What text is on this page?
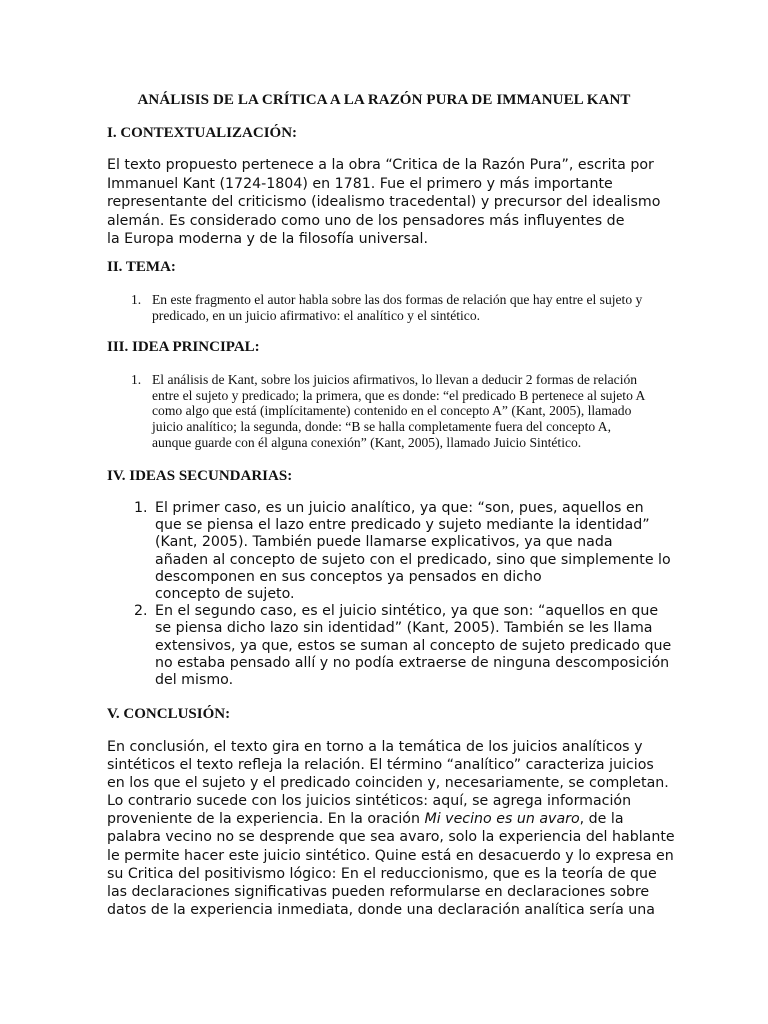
ANÁLISIS DE LA CRÍTICA A LA RAZÓN PURA DE IMMANUEL KANT
I. CONTEXTUALIZACIÓN:
El texto propuesto pertenece a la obra “Critica de la Razón Pura”, escrita por
Immanuel Kant (1724-1804) en 1781. Fue el primero y más importante
representante del criticismo (idealismo tracedental) y precursor del idealismo
alemán. Es considerado como uno de los pensadores más influyentes de
la Europa moderna y de la filosofía universal.
II. TEMA:
1. En este fragmento el autor habla sobre las dos formas de relación que hay entre el sujeto y
predicado, en un juicio afirmativo: el analítico y el sintético.
III. IDEA PRINCIPAL:
1. El análisis de Kant, sobre los juicios afirmativos, lo llevan a deducir 2 formas de relación
entre el sujeto y predicado; la primera, que es donde: “el predicado B pertenece al sujeto A
como algo que está (implícitamente) contenido en el concepto A” (Kant, 2005), llamado
juicio analítico; la segunda, donde: “B se halla completamente fuera del concepto A,
aunque guarde con él alguna conexión” (Kant, 2005), llamado Juicio Sintético.
IV. IDEAS SECUNDARIAS:
1. El primer caso, es un juicio analítico, ya que: “son, pues, aquellos en
que se piensa el lazo entre predicado y sujeto mediante la identidad”
(Kant, 2005). También puede llamarse explicativos, ya que nada
añaden al concepto de sujeto con el predicado, sino que simplemente lo
descomponen en sus conceptos ya pensados en dicho
concepto de sujeto.
2. En el segundo caso, es el juicio sintético, ya que son: “aquellos en que
se piensa dicho lazo sin identidad” (Kant, 2005). También se les llama
extensivos, ya que, estos se suman al concepto de sujeto predicado que
no estaba pensado allí y no podía extraerse de ninguna descomposición
del mismo.
V. CONCLUSIÓN:
En conclusión, el texto gira en torno a la temática de los juicios analíticos y
sintéticos el texto refleja la relación. El término “analítico” caracteriza juicios
en los que el sujeto y el predicado coinciden y, necesariamente, se completan.
Lo contrario sucede con los juicios sintéticos: aquí, se agrega información
proveniente de la experiencia. En la oración Mi vecino es un avaro, de la
palabra vecino no se desprende que sea avaro, solo la experiencia del hablante
le permite hacer este juicio sintético. Quine está en desacuerdo y lo expresa en
su Critica del positivismo lógico: En el reduccionismo, que es la teoría de que
las declaraciones significativas pueden reformularse en declaraciones sobre
datos de la experiencia inmediata, donde una declaración analítica sería una
